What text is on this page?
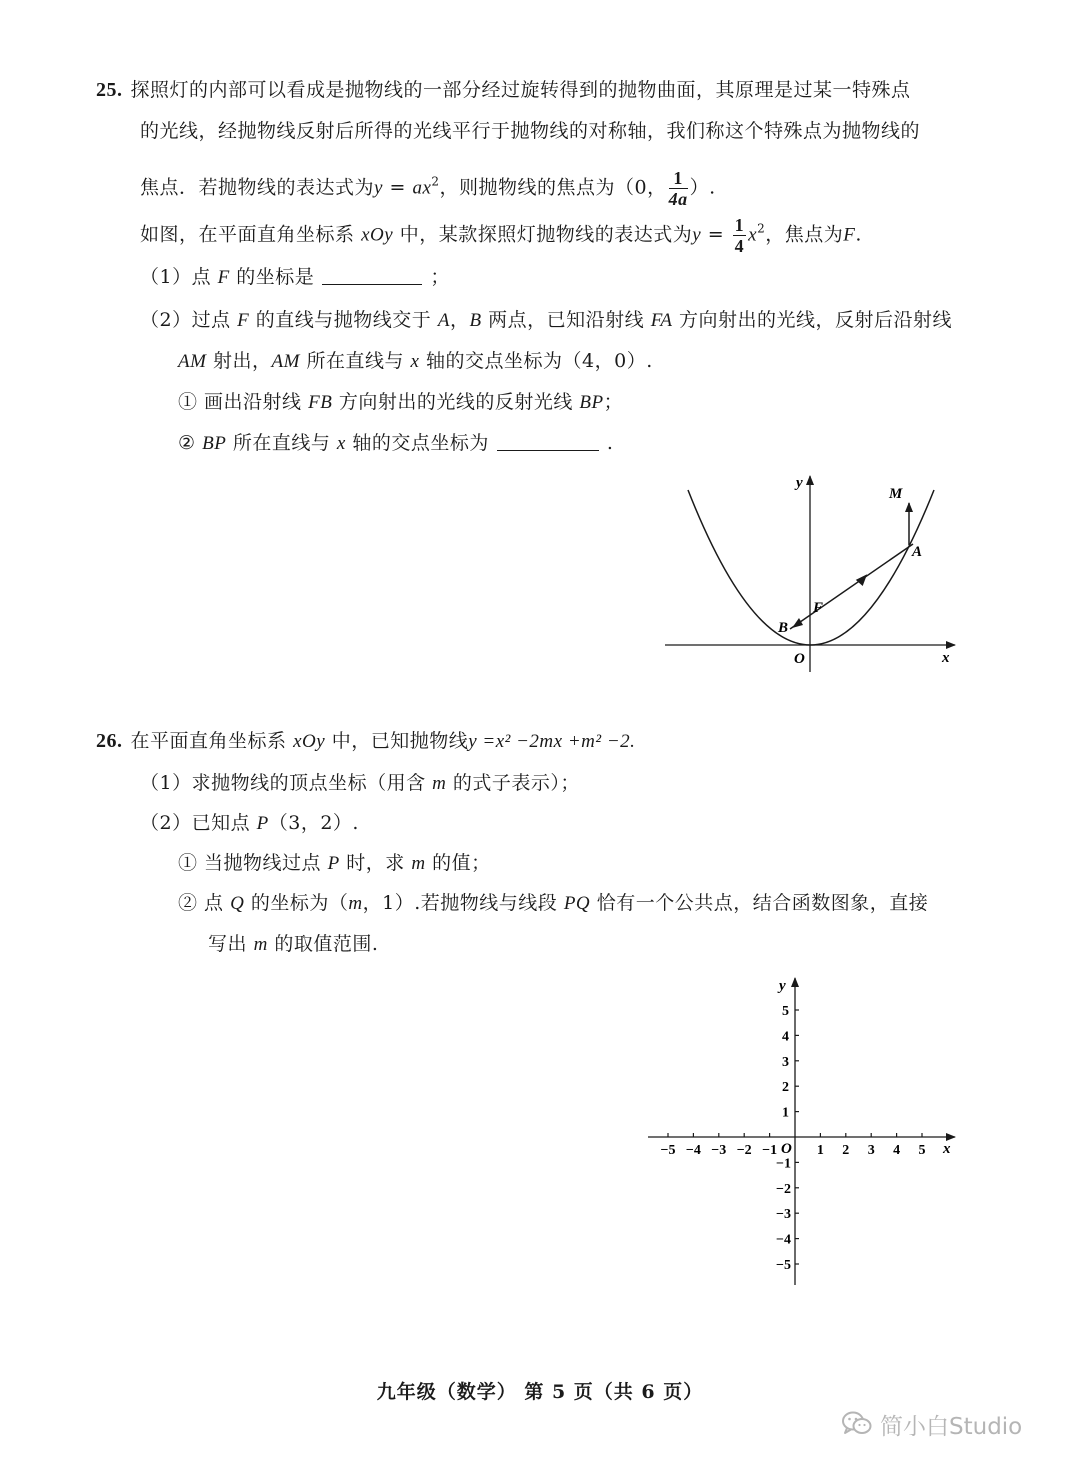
25. 探照灯的内部可以看成是抛物线的一部分经过旋转得到的抛物曲面，其原理是过某一特殊点
的光线，经抛物线反射后所得的光线平行于抛物线的对称轴，我们称这个特殊点为抛物线的
焦点．若抛物线的表达式为$y = ax^2$，则抛物线的焦点为（0， $\frac{1}{4a}$ ）.
如图，在平面直角坐标系 xOy 中，某款探照灯抛物线的表达式为$y = \frac{1}{4} x^2$，焦点为F.
（1）点 F 的坐标是	；
（2）过点 F 的直线与抛物线交于 A，B 两点，已知沿射线 FA 方向射出的光线，反射后沿射线
AM 射出，AM 所在直线与 x 轴的交点坐标为（4，0）.
① 画出沿射线 FB 方向射出的光线的反射光线 BP；
② BP 所在直线与 x 轴的交点坐标为	.
y
x
O
M
A
F
B
26. 在平面直角坐标系 xOy 中，已知抛物线y =x² −2mx +m² −2.
（1）求抛物线的顶点坐标（用含 m 的式子表示）；
（2）已知点 P（3，2）.
① 当抛物线过点 P 时，求 m 的值；
② 点 Q 的坐标为（m，1）.若抛物线与线段 PQ 恰有一个公共点，结合函数图象，直接
写出 m 的取值范围.
y
x
O
−5 −4 −3 −2 −1	1 2 3 4 5
5
4
3
2
1
−1
−2
−3
−4
−5
九年级（数学） 第 5 页（共 6 页）
简小白Studio
